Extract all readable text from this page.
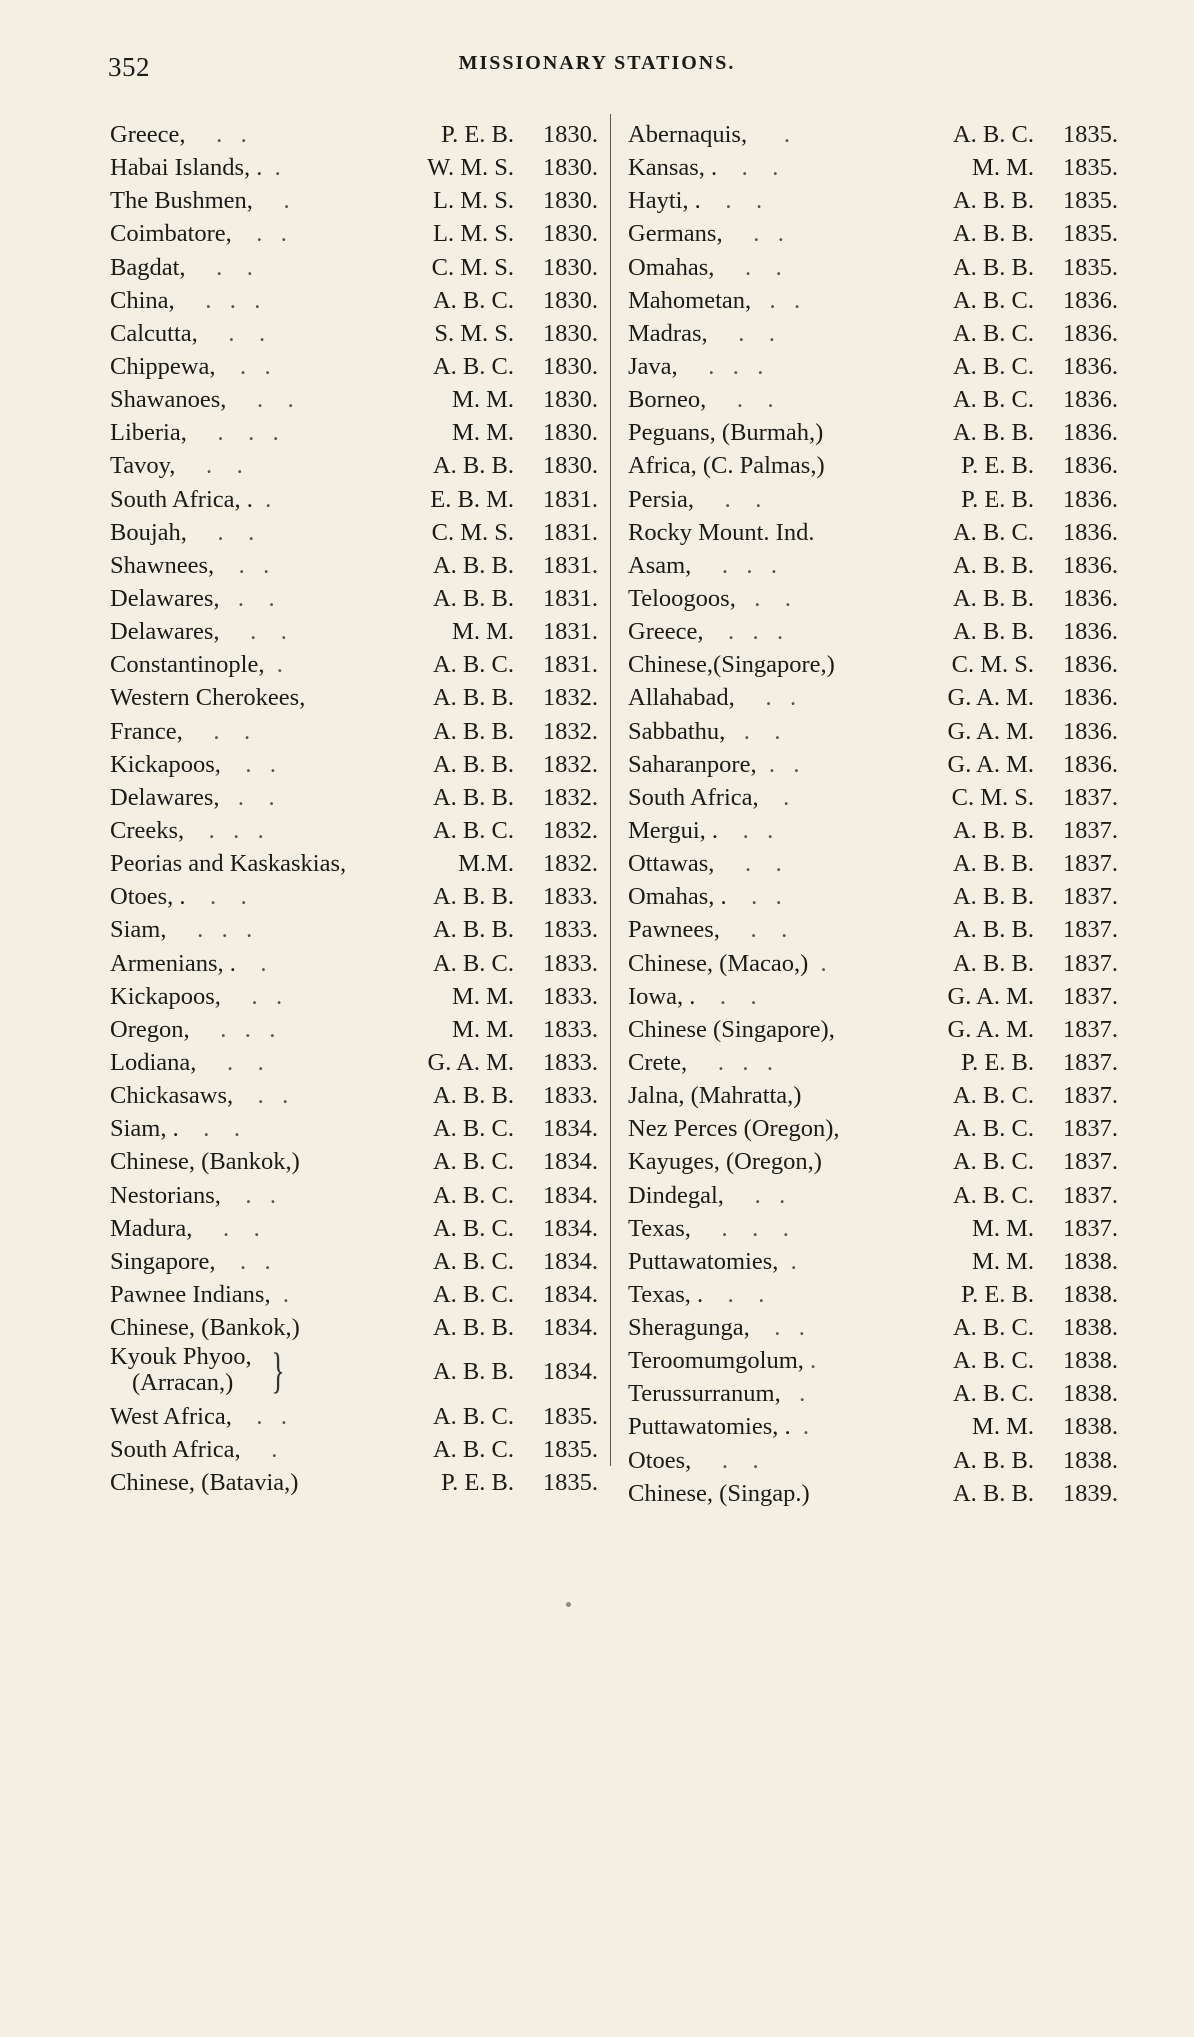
352	MISSIONARY STATIONS.
Greece,     .   .	P. E. B.	1830.
Habai Islands, .  .	W. M. S.	1830.
The Bushmen,     .	L. M. S.	1830.
Coimbatore,    .   .	L. M. S.	1830.
Bagdat,     .    .	C. M. S.	1830.
China,     .   .   .	A. B. C.	1830.
Calcutta,     .    .	S. M. S.	1830.
Chippewa,    .   .	A. B. C.	1830.
Shawanoes,     .    .	M. M.	1830.
Liberia,     .    .   .	M. M.	1830.
Tavoy,     .    .	A. B. B.	1830.
South Africa, .  .	E. B. M.	1831.
Boujah,     .    .	C. M. S.	1831.
Shawnees,    .   .	A. B. B.	1831.
Delawares,   .    .	A. B. B.	1831.
Delawares,     .    .	M. M.	1831.
Constantinople,  .	A. B. C.	1831.
Western Cherokees,	A. B. B.	1832.
France,     .    .	A. B. B.	1832.
Kickapoos,    .   .	A. B. B.	1832.
Delawares,   .    .	A. B. B.	1832.
Creeks,    .   .   .	A. B. C.	1832.
Peorias and Kaskaskias,	M.M.	1832.
Otoes, .    .    .	A. B. B.	1833.
Siam,     .   .   .	A. B. B.	1833.
Armenians, .    .	A. B. C.	1833.
Kickapoos,     .   .	M. M.	1833.
Oregon,     .   .   .	M. M.	1833.
Lodiana,     .    .	G. A. M.	1833.
Chickasaws,    .   .	A. B. B.	1833.
Siam, .    .    .	A. B. C.	1834.
Chinese, (Bankok,)	A. B. C.	1834.
Nestorians,    .   .	A. B. C.	1834.
Madura,     .    .	A. B. C.	1834.
Singapore,    .   .	A. B. C.	1834.
Pawnee Indians,  .	A. B. C.	1834.
Chinese, (Bankok,)	A. B. B.	1834.
Kyouk Phyoo,
(Arracan,) }	A. B. B.	1834.
West Africa,    .   .	A. B. C.	1835.
South Africa,     .	A. B. C.	1835.
Chinese, (Batavia,)	P. E. B.	1835.
Abernaquis,      .	A. B. C.	1835.
Kansas, .    .    .	M. M.	1835.
Hayti, .    .    .	A. B. B.	1835.
Germans,     .   .	A. B. B.	1835.
Omahas,     .    .	A. B. B.	1835.
Mahometan,   .   .	A. B. C.	1836.
Madras,     .    .	A. B. C.	1836.
Java,     .   .   .	A. B. C.	1836.
Borneo,     .    .	A. B. C.	1836.
Peguans, (Burmah,)	A. B. B.	1836.
Africa, (C. Palmas,)	P. E. B.	1836.
Persia,     .    .	P. E. B.	1836.
Rocky Mount. Ind.	A. B. C.	1836.
Asam,     .   .   .	A. B. B.	1836.
Teloogoos,   .    .	A. B. B.	1836.
Greece,    .   .   .	A. B. B.	1836.
Chinese,(Singapore,)	C. M. S.	1836.
Allahabad,     .   .	G. A. M.	1836.
Sabbathu,   .    .	G. A. M.	1836.
Saharanpore,  .   .	G. A. M.	1836.
South Africa,    .	C. M. S.	1837.
Mergui, .    .   .	A. B. B.	1837.
Ottawas,     .    .	A. B. B.	1837.
Omahas, .    .   .	A. B. B.	1837.
Pawnees,     .    .	A. B. B.	1837.
Chinese, (Macao,)  .	A. B. B.	1837.
Iowa, .    .    .	G. A. M.	1837.
Chinese (Singapore),	G. A. M.	1837.
Crete,     .   .   .	P. E. B.	1837.
Jalna, (Mahratta,)	A. B. C.	1837.
Nez Perces (Oregon),	A. B. C.	1837.
Kayuges, (Oregon,)	A. B. C.	1837.
Dindegal,     .   .	A. B. C.	1837.
Texas,     .    .    .	M. M.	1837.
Puttawatomies,  .	M. M.	1838.
Texas, .    .    .	P. E. B.	1838.
Sheragunga,    .   .	A. B. C.	1838.
Teroomumgolum, .	A. B. C.	1838.
Terussurranum,   .	A. B. C.	1838.
Puttawatomies, .  .	M. M.	1838.
Otoes,     .    .	A. B. B.	1838.
Chinese, (Singap.)	A. B. B.	1839.
